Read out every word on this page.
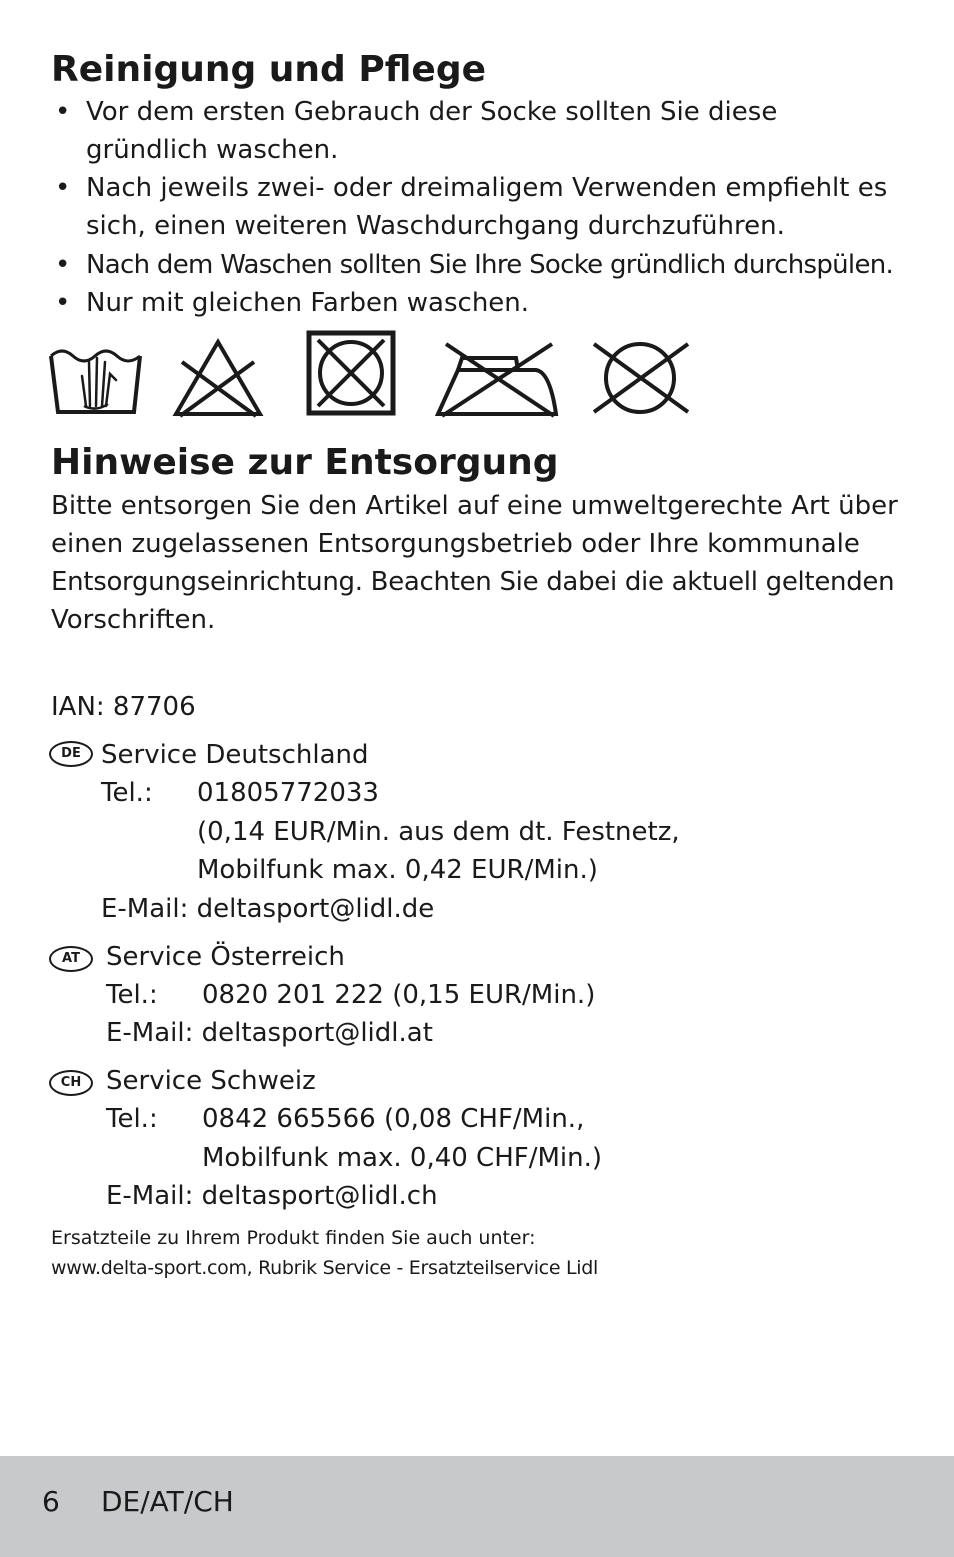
Reinigung und Pflege
• Vor dem ersten Gebrauch der Socke sollten Sie diese
gründlich waschen.
• Nach jeweils zwei- oder dreimaligem Verwenden empfiehlt es
sich, einen weiteren Waschdurchgang durchzuführen.
• Nach dem Waschen sollten Sie Ihre Socke gründlich durchspülen.
• Nur mit gleichen Farben waschen.
Hinweise zur Entsorgung
Bitte entsorgen Sie den Artikel auf eine umweltgerechte Art über
einen zugelassenen Entsorgungsbetrieb oder Ihre kommunale
Entsorgungseinrichtung. Beachten Sie dabei die aktuell geltenden
Vorschriften.
IAN: 87706
DE Service Deutschland
Tel.: 01805772033
(0,14 EUR/Min. aus dem dt. Festnetz,
Mobilfunk max. 0,42 EUR/Min.)
E-Mail: deltasport@lidl.de
AT	Service Österreich
Tel.: 0820 201 222 (0,15 EUR/Min.)
E-Mail: deltasport@lidl.at
CH Service Schweiz
Tel.: 0842 665566 (0,08 CHF/Min.,
Mobilfunk max. 0,40 CHF/Min.)
E-Mail: deltasport@lidl.ch
Ersatzteile zu Ihrem Produkt finden Sie auch unter:
www.delta-sport.com, Rubrik Service - Ersatzteilservice Lidl
6 DE/AT/CH
